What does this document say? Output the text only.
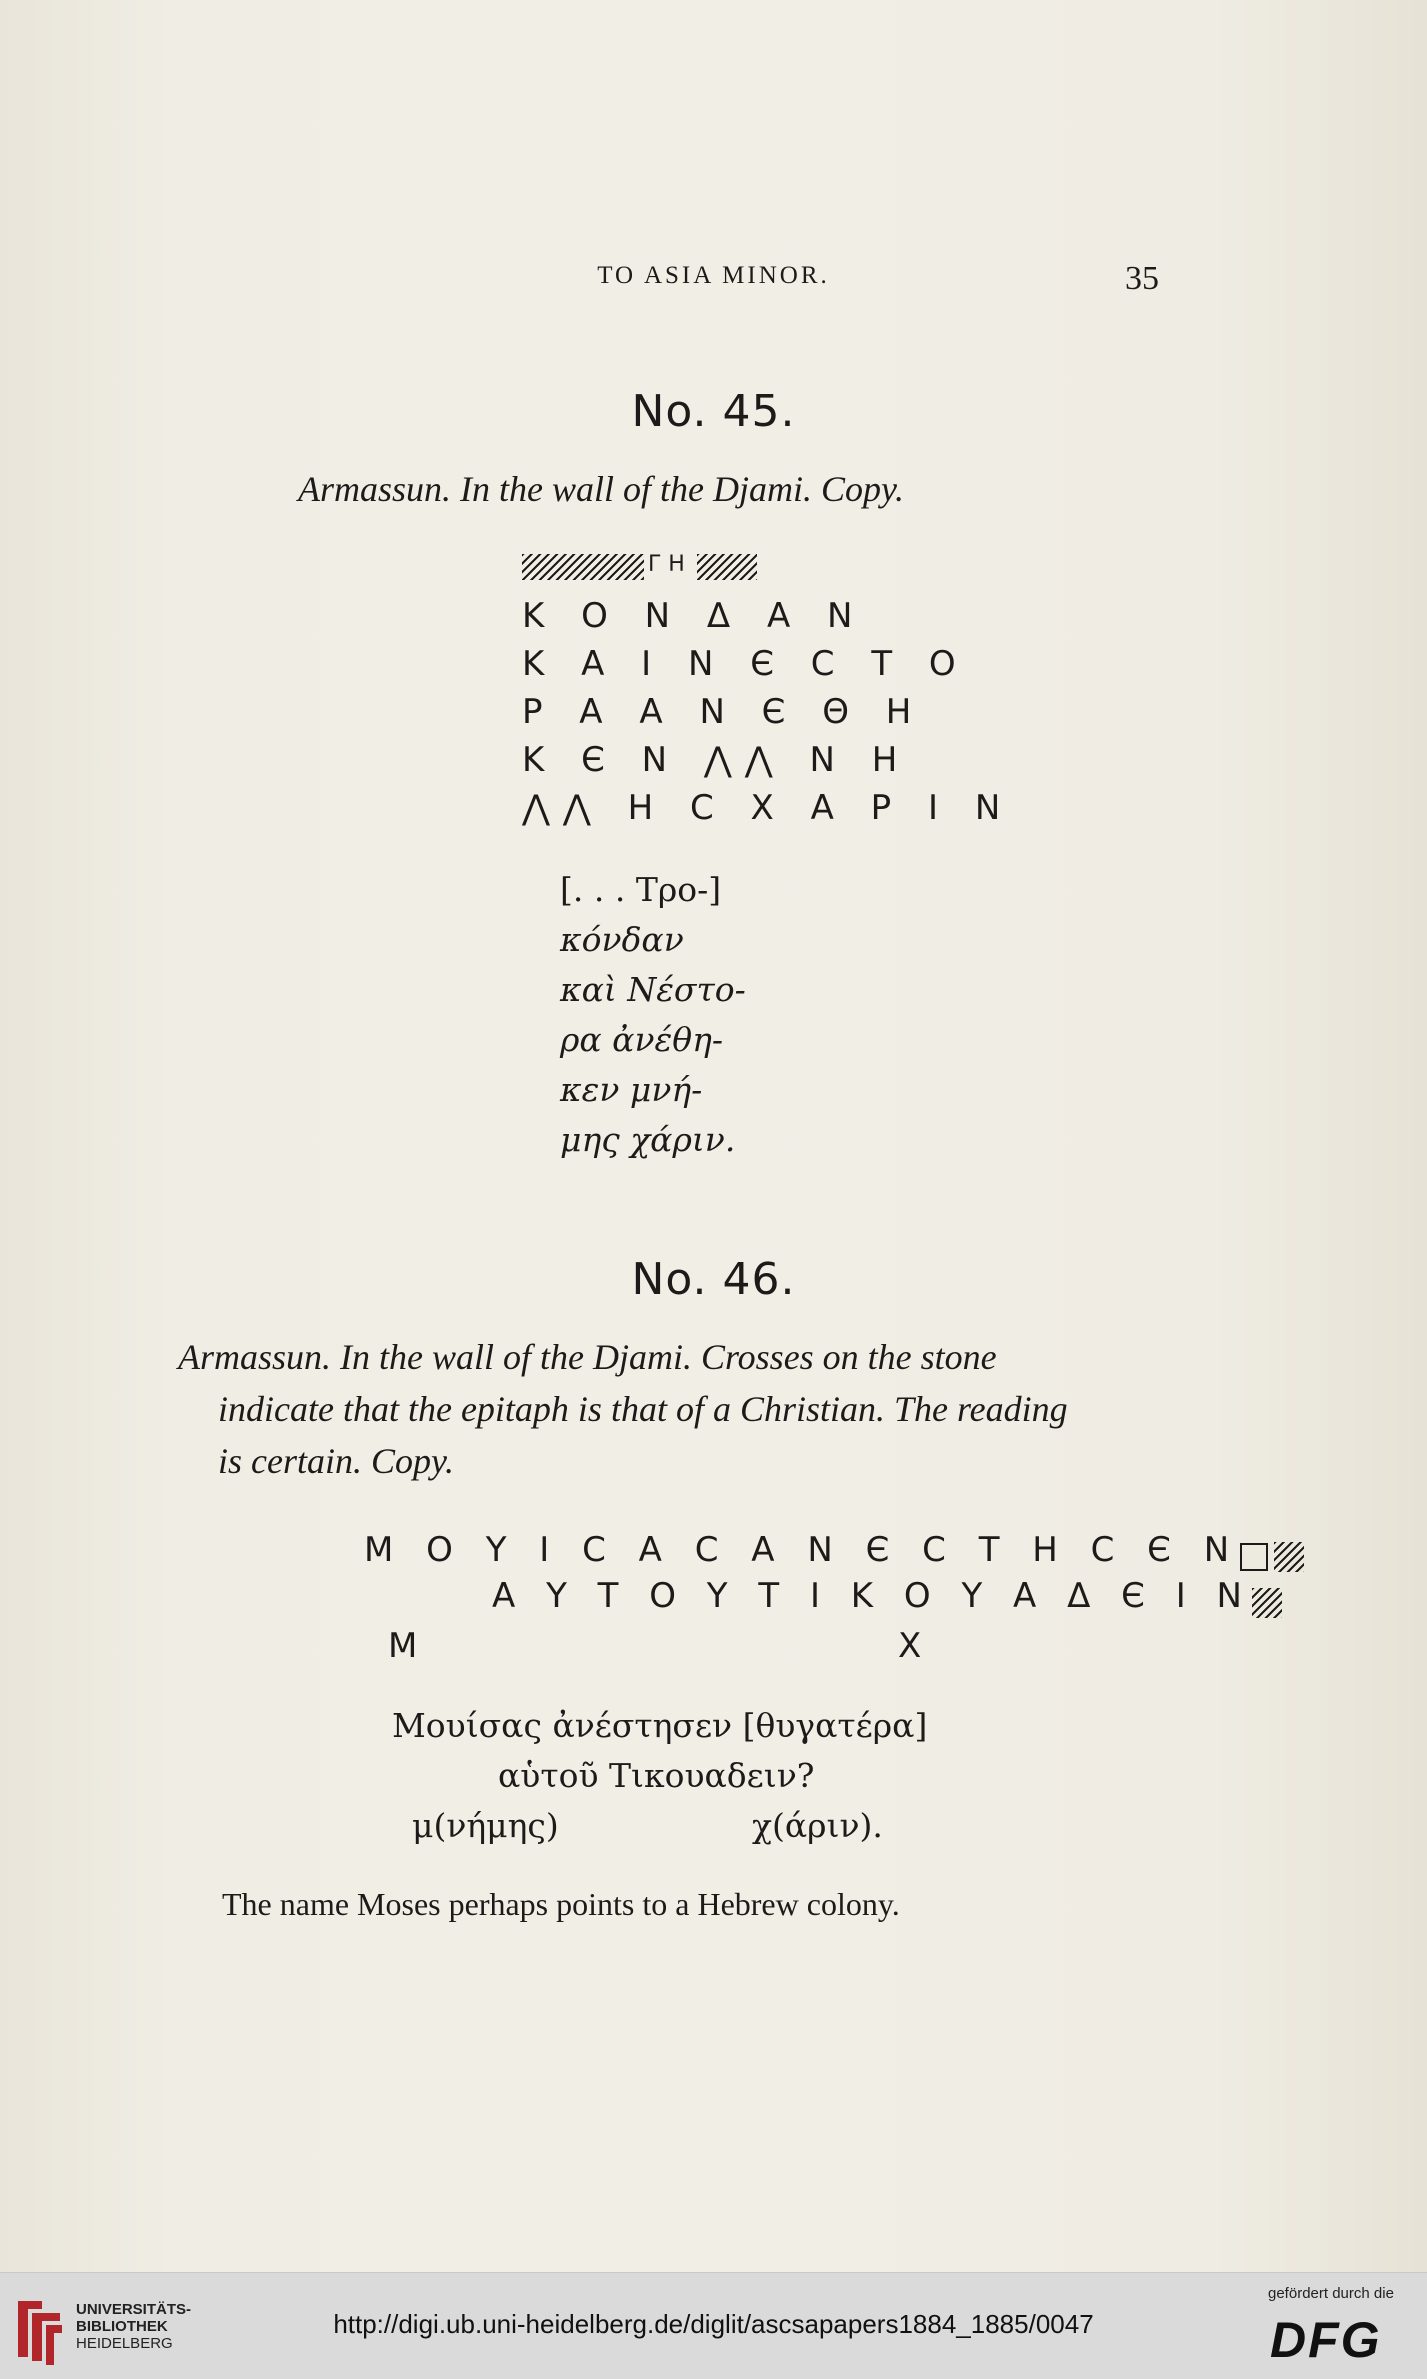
TO ASIA MINOR.	35
No. 45.
Armassun. In the wall of the Djami. Copy.
ΓΗ
K O N Δ A N
K A I N Є C T O
P A A N Є Θ H
K Є N ⋀⋀ N H
⋀⋀ H C X A P I N
[. . . Τρο-]
κόνδαν
καὶ Νέστο-
ρα ἀνέθη-
κεν μνή-
μης χάριν.
No. 46.
Armassun. In the wall of the Djami. Crosses on the stone
indicate that the epitaph is that of a Christian. The reading
is certain. Copy.
M O Y I C A C A N Є C T H C Є N
A Y T O Y T I K O Y A Δ Є I N
M	X
Μουίσας ἀνέστησεν [θυγατέρα]
αὑτοῦ Τικουαδειν?
μ(νήμης)	χ(άριν).
The name Moses perhaps points to a Hebrew colony.
UNIVERSITÄTS-
BIBLIOTHEK
HEIDELBERG
http://digi.ub.uni-heidelberg.de/diglit/ascsapapers1884_1885/0047
gefördert durch die
DFG
